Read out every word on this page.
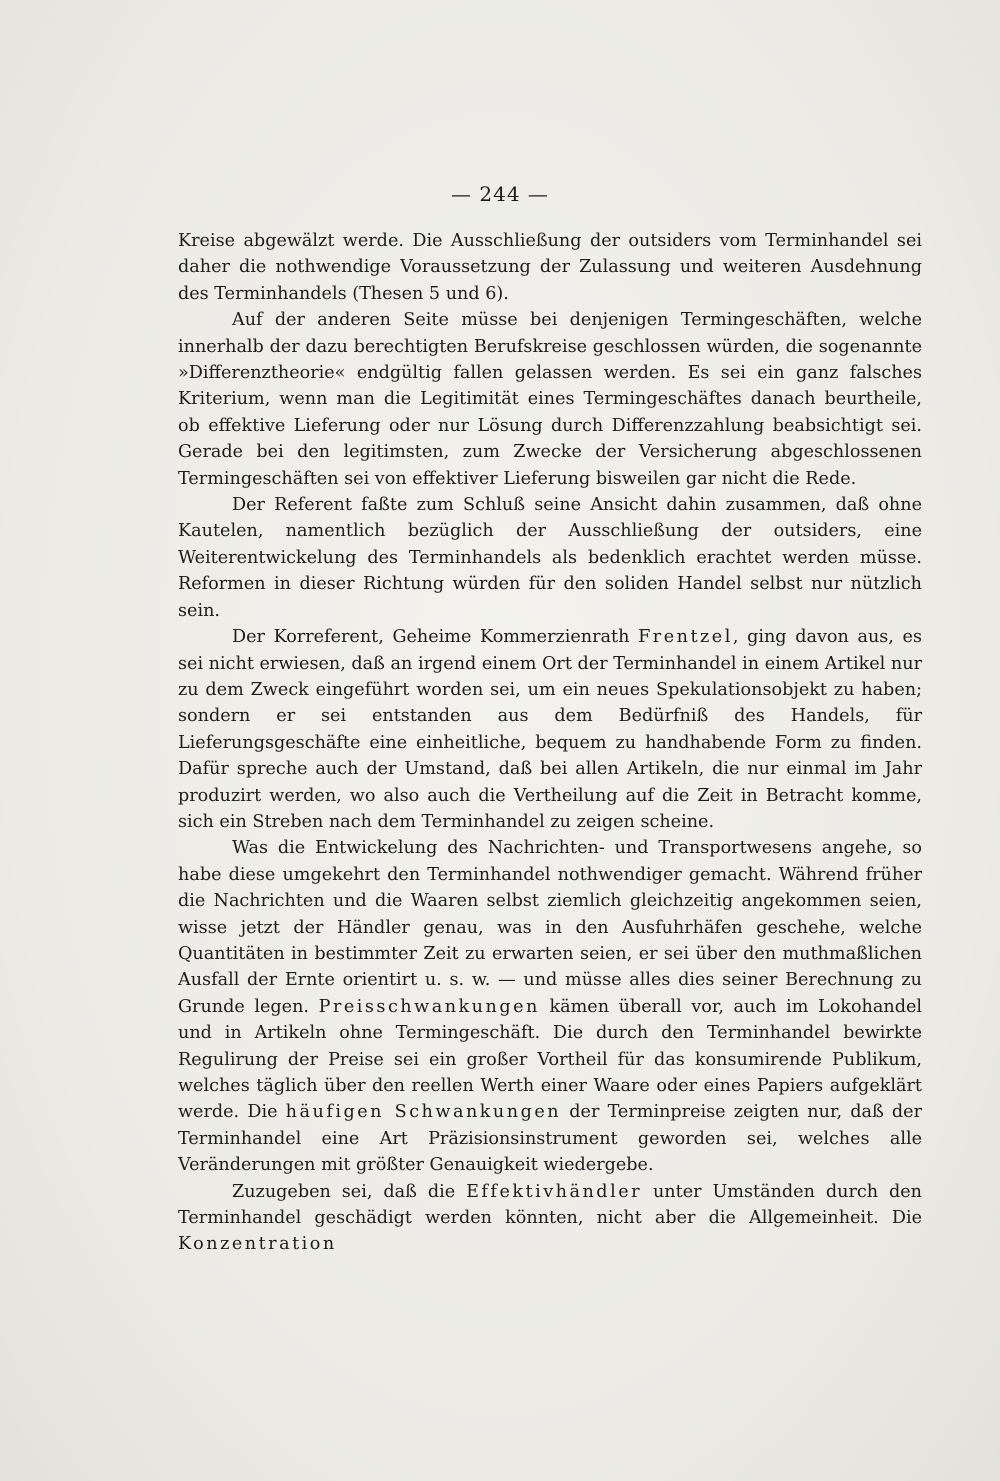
— 244 —

Kreise abgewälzt werde. Die Ausschließung der outsiders vom Terminhandel sei daher die nothwendige Voraussetzung der Zulassung und weiteren Ausdehnung des Terminhandels (Thesen 5 und 6).

Auf der anderen Seite müsse bei denjenigen Termingeschäften, welche innerhalb der dazu berechtigten Berufskreise geschlossen würden, die sogenannte »Differenztheorie« endgültig fallen gelassen werden. Es sei ein ganz falsches Kriterium, wenn man die Legitimität eines Termingeschäftes danach beurtheile, ob effektive Lieferung oder nur Lösung durch Differenzzahlung beabsichtigt sei. Gerade bei den legitimsten, zum Zwecke der Versicherung abgeschlossenen Termingeschäften sei von effektiver Lieferung bisweilen gar nicht die Rede.

Der Referent faßte zum Schluß seine Ansicht dahin zusammen, daß ohne Kautelen, namentlich bezüglich der Ausschließung der outsiders, eine Weiterentwickelung des Terminhandels als bedenklich erachtet werden müsse. Reformen in dieser Richtung würden für den soliden Handel selbst nur nützlich sein.

Der Korreferent, Geheime Kommerzienrath Frentzel, ging davon aus, es sei nicht erwiesen, daß an irgend einem Ort der Terminhandel in einem Artikel nur zu dem Zweck eingeführt worden sei, um ein neues Spekulationsobjekt zu haben; sondern er sei entstanden aus dem Bedürfniß des Handels, für Lieferungsgeschäfte eine einheitliche, bequem zu handhabende Form zu finden. Dafür spreche auch der Umstand, daß bei allen Artikeln, die nur einmal im Jahr produzirt werden, wo also auch die Vertheilung auf die Zeit in Betracht komme, sich ein Streben nach dem Terminhandel zu zeigen scheine.

Was die Entwickelung des Nachrichten- und Transportwesens angehe, so habe diese umgekehrt den Terminhandel nothwendiger gemacht. Während früher die Nachrichten und die Waaren selbst ziemlich gleichzeitig angekommen seien, wisse jetzt der Händler genau, was in den Ausfuhrhäfen geschehe, welche Quantitäten in bestimmter Zeit zu erwarten seien, er sei über den muthmaßlichen Ausfall der Ernte orientirt u. s. w. — und müsse alles dies seiner Berechnung zu Grunde legen. Preisschwankungen kämen überall vor, auch im Lokohandel und in Artikeln ohne Termingeschäft. Die durch den Terminhandel bewirkte Regulirung der Preise sei ein großer Vortheil für das konsumirende Publikum, welches täglich über den reellen Werth einer Waare oder eines Papiers aufgeklärt werde. Die häufigen Schwankungen der Terminpreise zeigten nur, daß der Terminhandel eine Art Präzisionsinstrument geworden sei, welches alle Veränderungen mit größter Genauigkeit wiedergebe.

Zuzugeben sei, daß die Effektivhändler unter Umständen durch den Terminhandel geschädigt werden könnten, nicht aber die Allgemeinheit. Die Konzentration
